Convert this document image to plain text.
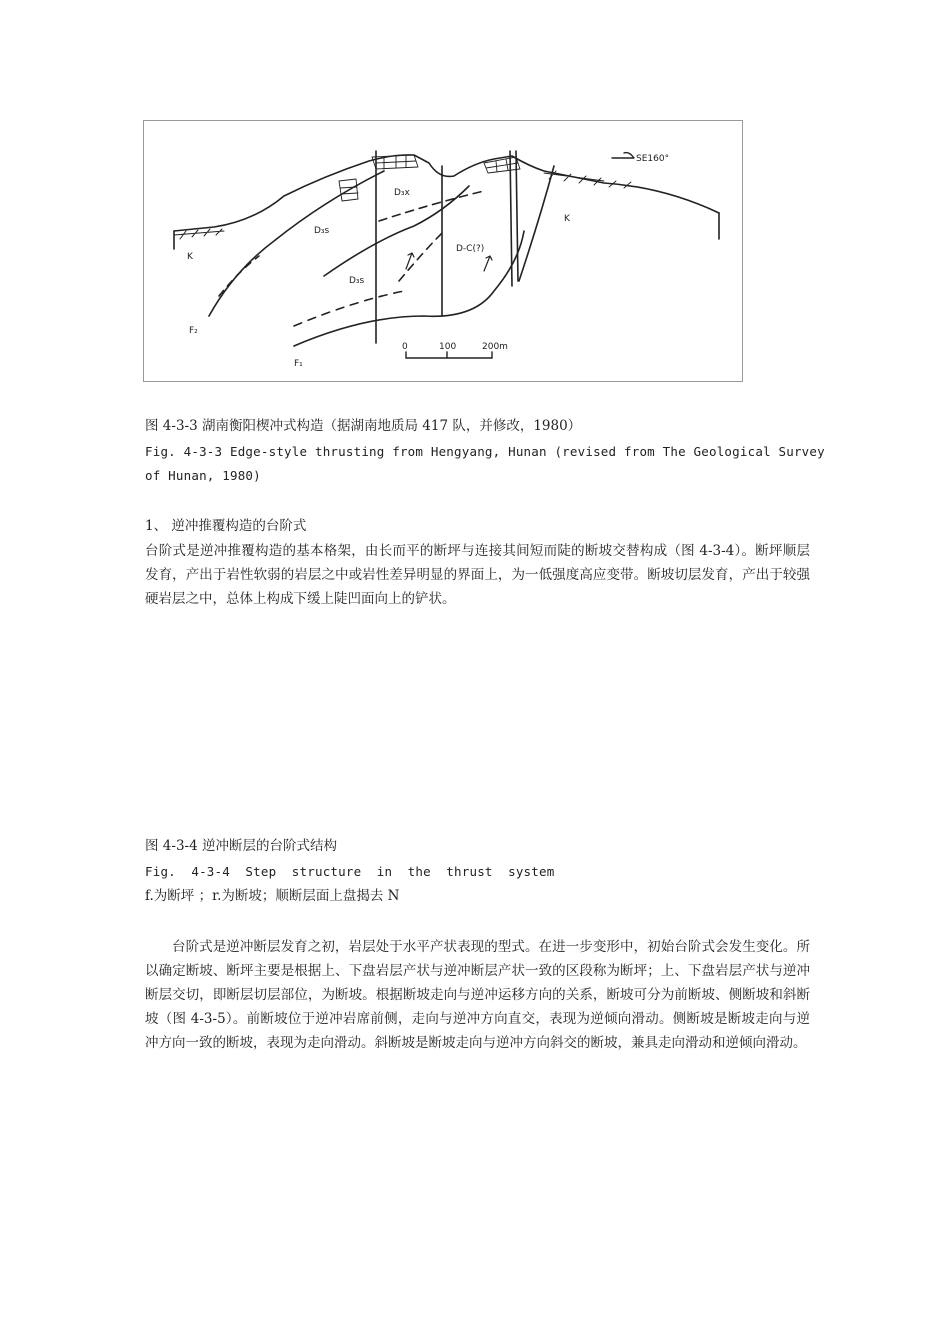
SE160°
K
K
D₃x
D₃s
D₃s
D-C(?)
F₂
F₁
0	100	200m

图 4-3-3 湖南衡阳楔冲式构造（据湖南地质局 417 队，并修改，1980）

Fig. 4-3-3 Edge-style thrusting from Hengyang, Hunan (revised from The Geological Survey

of Hunan, 1980)

1、 逆冲推覆构造的台阶式

台阶式是逆冲推覆构造的基本格架，由长而平的断坪与连接其间短而陡的断坡交替构成（图 4-3-4）。断坪顺层发育，产出于岩性软弱的岩层之中或岩性差异明显的界面上，为一低强度高应变带。断坡切层发育，产出于较强硬岩层之中，总体上构成下缓上陡凹面向上的铲状。

图 4-3-4 逆冲断层的台阶式结构

Fig.  4-3-4  Step  structure  in  the  thrust  system

f.为断坪 ；r.为断坡；顺断层面上盘揭去 N

台阶式是逆冲断层发育之初，岩层处于水平产状表现的型式。在进一步变形中，初始台阶式会发生变化。所以确定断坡、断坪主要是根据上、下盘岩层产状与逆冲断层产状一致的区段称为断坪；上、下盘岩层产状与逆冲断层交切，即断层切层部位，为断坡。根据断坡走向与逆冲运移方向的关系，断坡可分为前断坡、侧断坡和斜断坡（图 4-3-5）。前断坡位于逆冲岩席前侧，走向与逆冲方向直交，表现为逆倾向滑动。侧断坡是断坡走向与逆冲方向一致的断坡，表现为走向滑动。斜断坡是断坡走向与逆冲方向斜交的断坡，兼具走向滑动和逆倾向滑动。
